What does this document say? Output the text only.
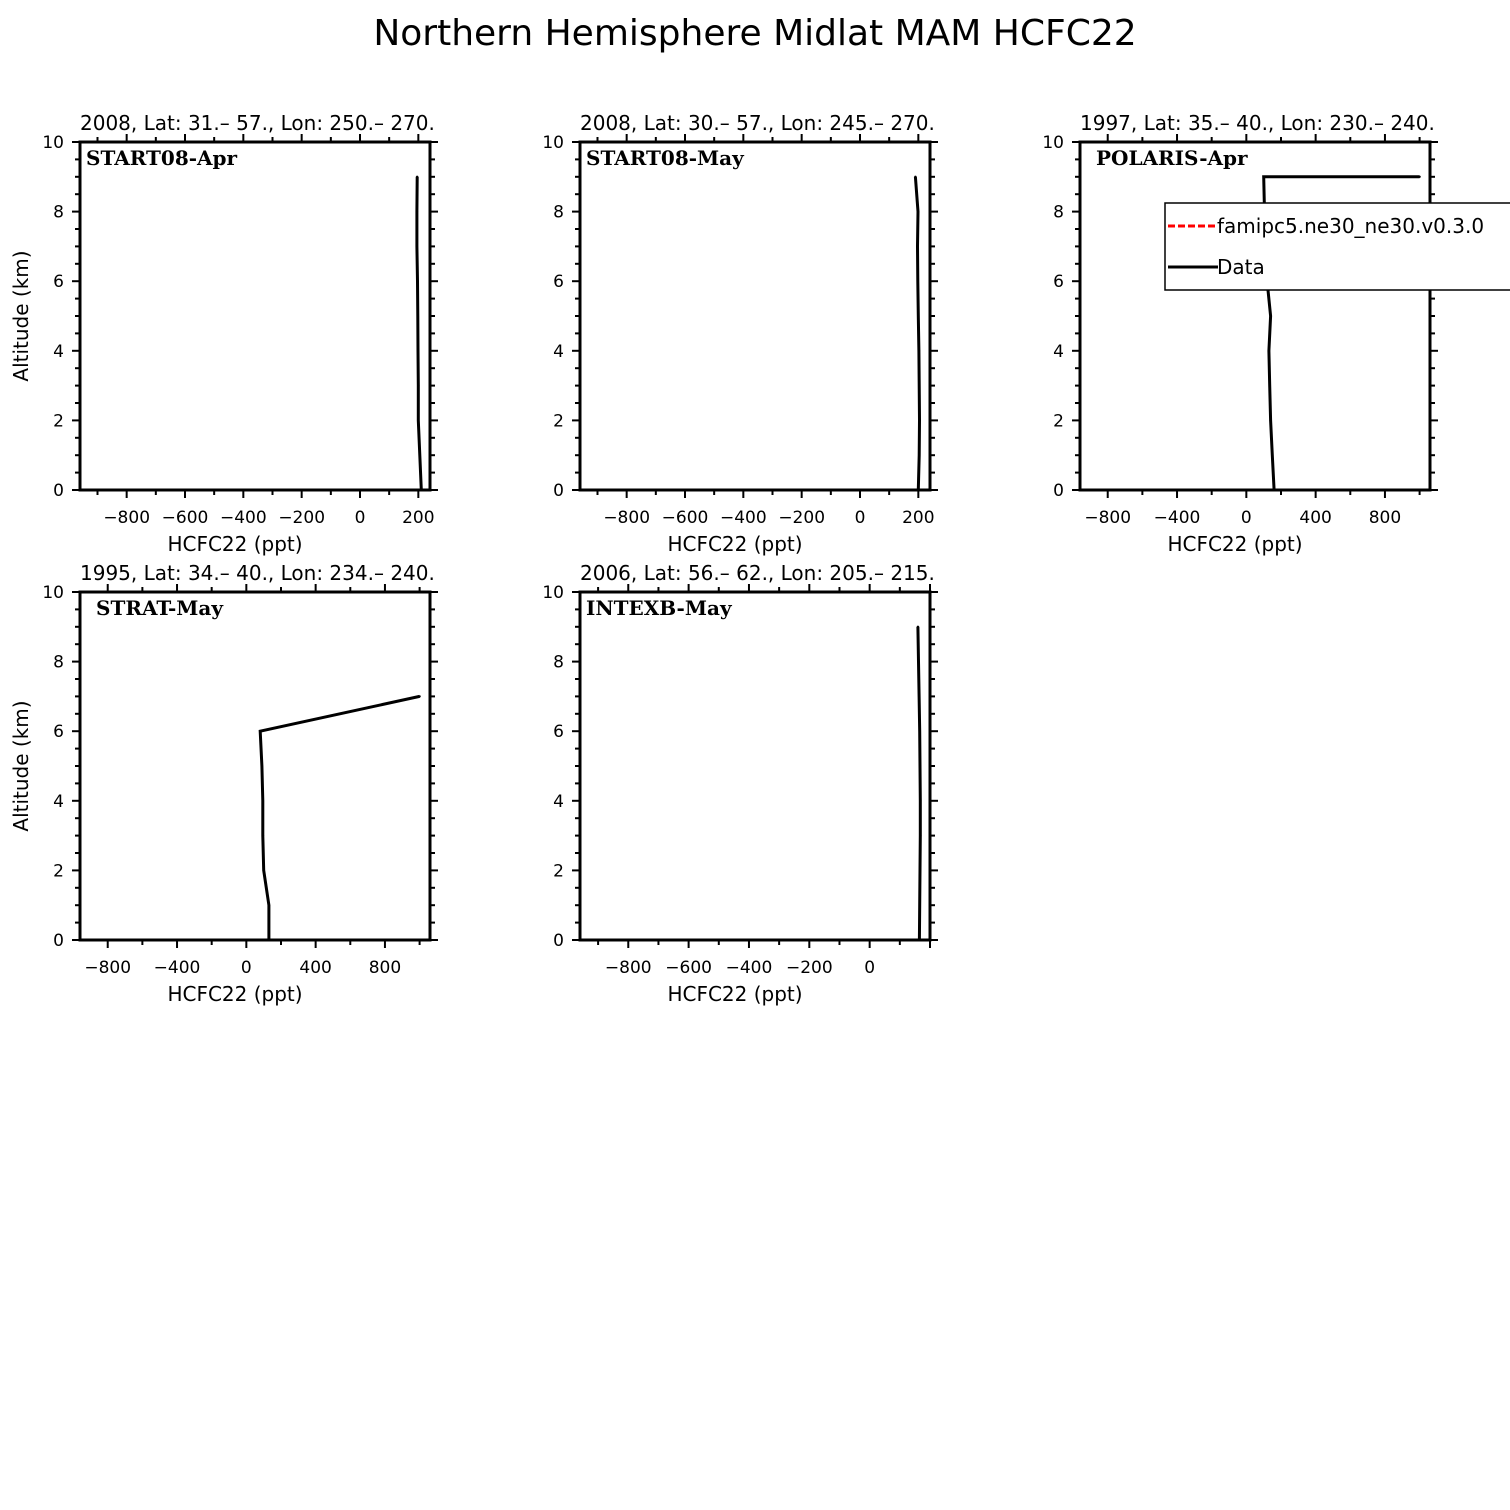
Northern Hemisphere Midlat MAM HCFC22
0
2
4
6
8
10
−800 −600 −400 −200 0 200
HCFC22 (ppt)
Altitude (km)
2008, Lat: 31.– 57., Lon: 250.– 270.
START08-Apr
0
2
4
6
8
10
−800 −600 −400 −200 0 200
HCFC22 (ppt)
2008, Lat: 30.– 57., Lon: 245.– 270.
START08-May
0
2
4
6
8
10
−800 −400 0	400 800
HCFC22 (ppt)
1997, Lat: 35.– 40., Lon: 230.– 240.
POLARIS-Apr
0
2
4
6
8
10
−800 −400 0	400 800
HCFC22 (ppt)
Altitude (km)
1995, Lat: 34.– 40., Lon: 234.– 240.
STRAT-May
0
2
4
6
8
10
−800 −600 −400 −200 0
HCFC22 (ppt)
2006, Lat: 56.– 62., Lon: 205.– 215.
INTEXB-May
famipc5.ne30_ne30.v0.3.0
Data
